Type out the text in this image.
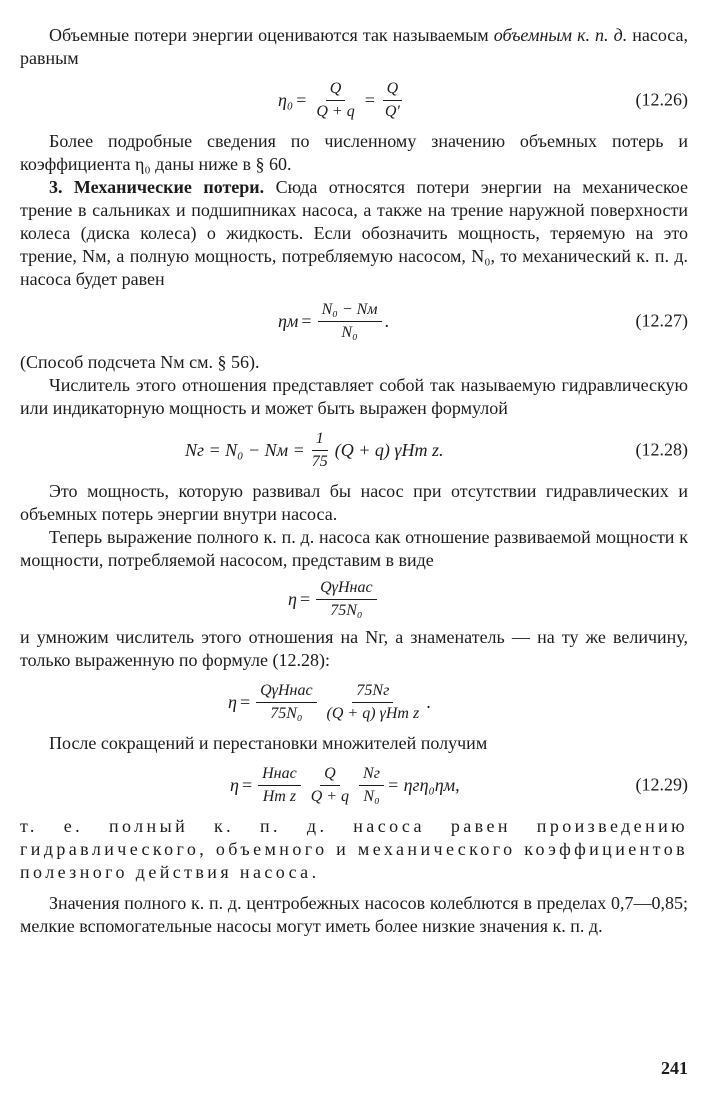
Объемные потери энергии оцениваются так называемым объемным к. п. д. насоса, равным

$\eta_0 = \frac{Q}{Q + q} = \frac{Q}{Q'}$	(12.26)

Более подробные сведения по численному значению объемных потерь и коэффициента η₀ даны ниже в § 60.

3. Механические потери. Сюда относятся потери энергии на механическое трение в сальниках и подшипниках насоса, а также на трение наружной поверхности колеса (диска колеса) о жидкость. Если обозначить мощность, теряемую на это трение, Nм, а полную мощность, потребляемую насосом, N₀, то механический к. п. д. насоса будет равен

$\eta м = \frac{\text{N₀ − Nм}}{\text{N₀}}$ .	(12.27)

(Способ подсчета Nм см. § 56).

Числитель этого отношения представляет собой так называемую гидравлическую или индикаторную мощность и может быть выражен формулой

Nг = N₀ − Nм = $\frac{1}{75} (Q + q)$ γHт z.	(12.28)

Это мощность, которую развивал бы насос при отсутствии гидравлических и объемных потерь энергии внутри насоса.

Теперь выражение полного к. п. д. насоса как отношение развиваемой мощности к мощности, потребляемой насосом, представим в виде

$\eta = \frac{\text{QγHнас}}{\text{75N₀}}$

и умножим числитель этого отношения на Nг, а знаменатель — на ту же величину, только выраженную по формуле (12.28):

$\eta = \frac{\text{QγHнас}}{\text{75N₀}} \frac{75Nг}{\text{(Q + q) γHт z}}$ .

После сокращений и перестановки множителей получим

$\eta = \frac{\text{Hнас}}{\text{Hт z}} \frac{Q}{Q + q} \frac{Nг}{\text{N₀}} = \eta г\eta_0\eta м$,	(12.29)

т. е. полный к. п. д. насоса равен произведению гидравлического, объемного и механического коэффициентов полезного действия насоса.

Значения полного к. п. д. центробежных насосов колеблются в пределах 0,7—0,85; мелкие вспомогательные насосы могут иметь более низкие значения к. п. д.

241
